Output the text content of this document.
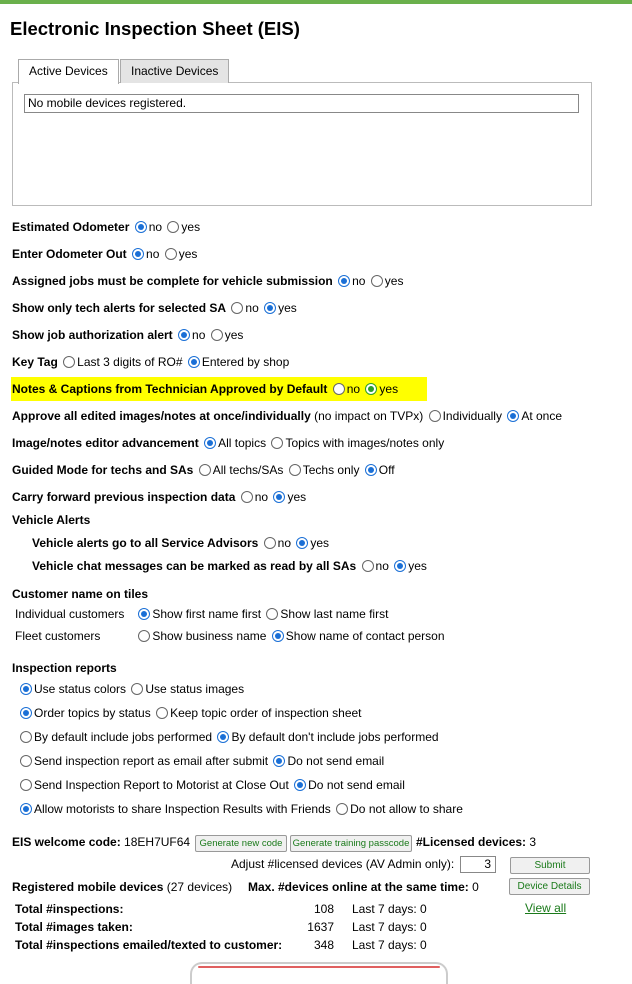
Electronic Inspection Sheet (EIS)
Active Devices	Inactive Devices
No mobile devices registered.
Estimated Odometer no yes
Enter Odometer Out no yes
Assigned jobs must be complete for vehicle submission no yes
Show only tech alerts for selected SA no yes
Show job authorization alert no yes
Key Tag Last 3 digits of RO# Entered by shop
Notes & Captions from Technician Approved by Default no yes
Approve all edited images/notes at once/individually (no impact on TVPx) Individually At once
Image/notes editor advancement All topics Topics with images/notes only
Guided Mode for techs and SAs All techs/SAs Techs only Off
Carry forward previous inspection data no yes
Vehicle Alerts
Vehicle alerts go to all Service Advisors no yes
Vehicle chat messages can be marked as read by all SAs no yes
Customer name on tiles
Individual customers Show first name first Show last name first
Fleet customers	Show business name Show name of contact person
Inspection reports
Use status colors Use status images
Order topics by status Keep topic order of inspection sheet
By default include jobs performed By default don't include jobs performed
Send inspection report as email after submit Do not send email
Send Inspection Report to Motorist at Close Out Do not send email
Allow motorists to share Inspection Results with Friends Do not allow to share
EIS welcome code: 18EH7UF64 Generate new code	Generate training passcode #Licensed devices: 3
Adjust #licensed devices (AV Admin only):	3	Submit
Registered mobile devices (27 devices) Max. #devices online at the same time: 0	Device Details
Total #inspections:	108 Last 7 days: 0
Total #images taken:	1637 Last 7 days: 0
Total #inspections emailed/texted to customer:	348 Last 7 days: 0
View all
